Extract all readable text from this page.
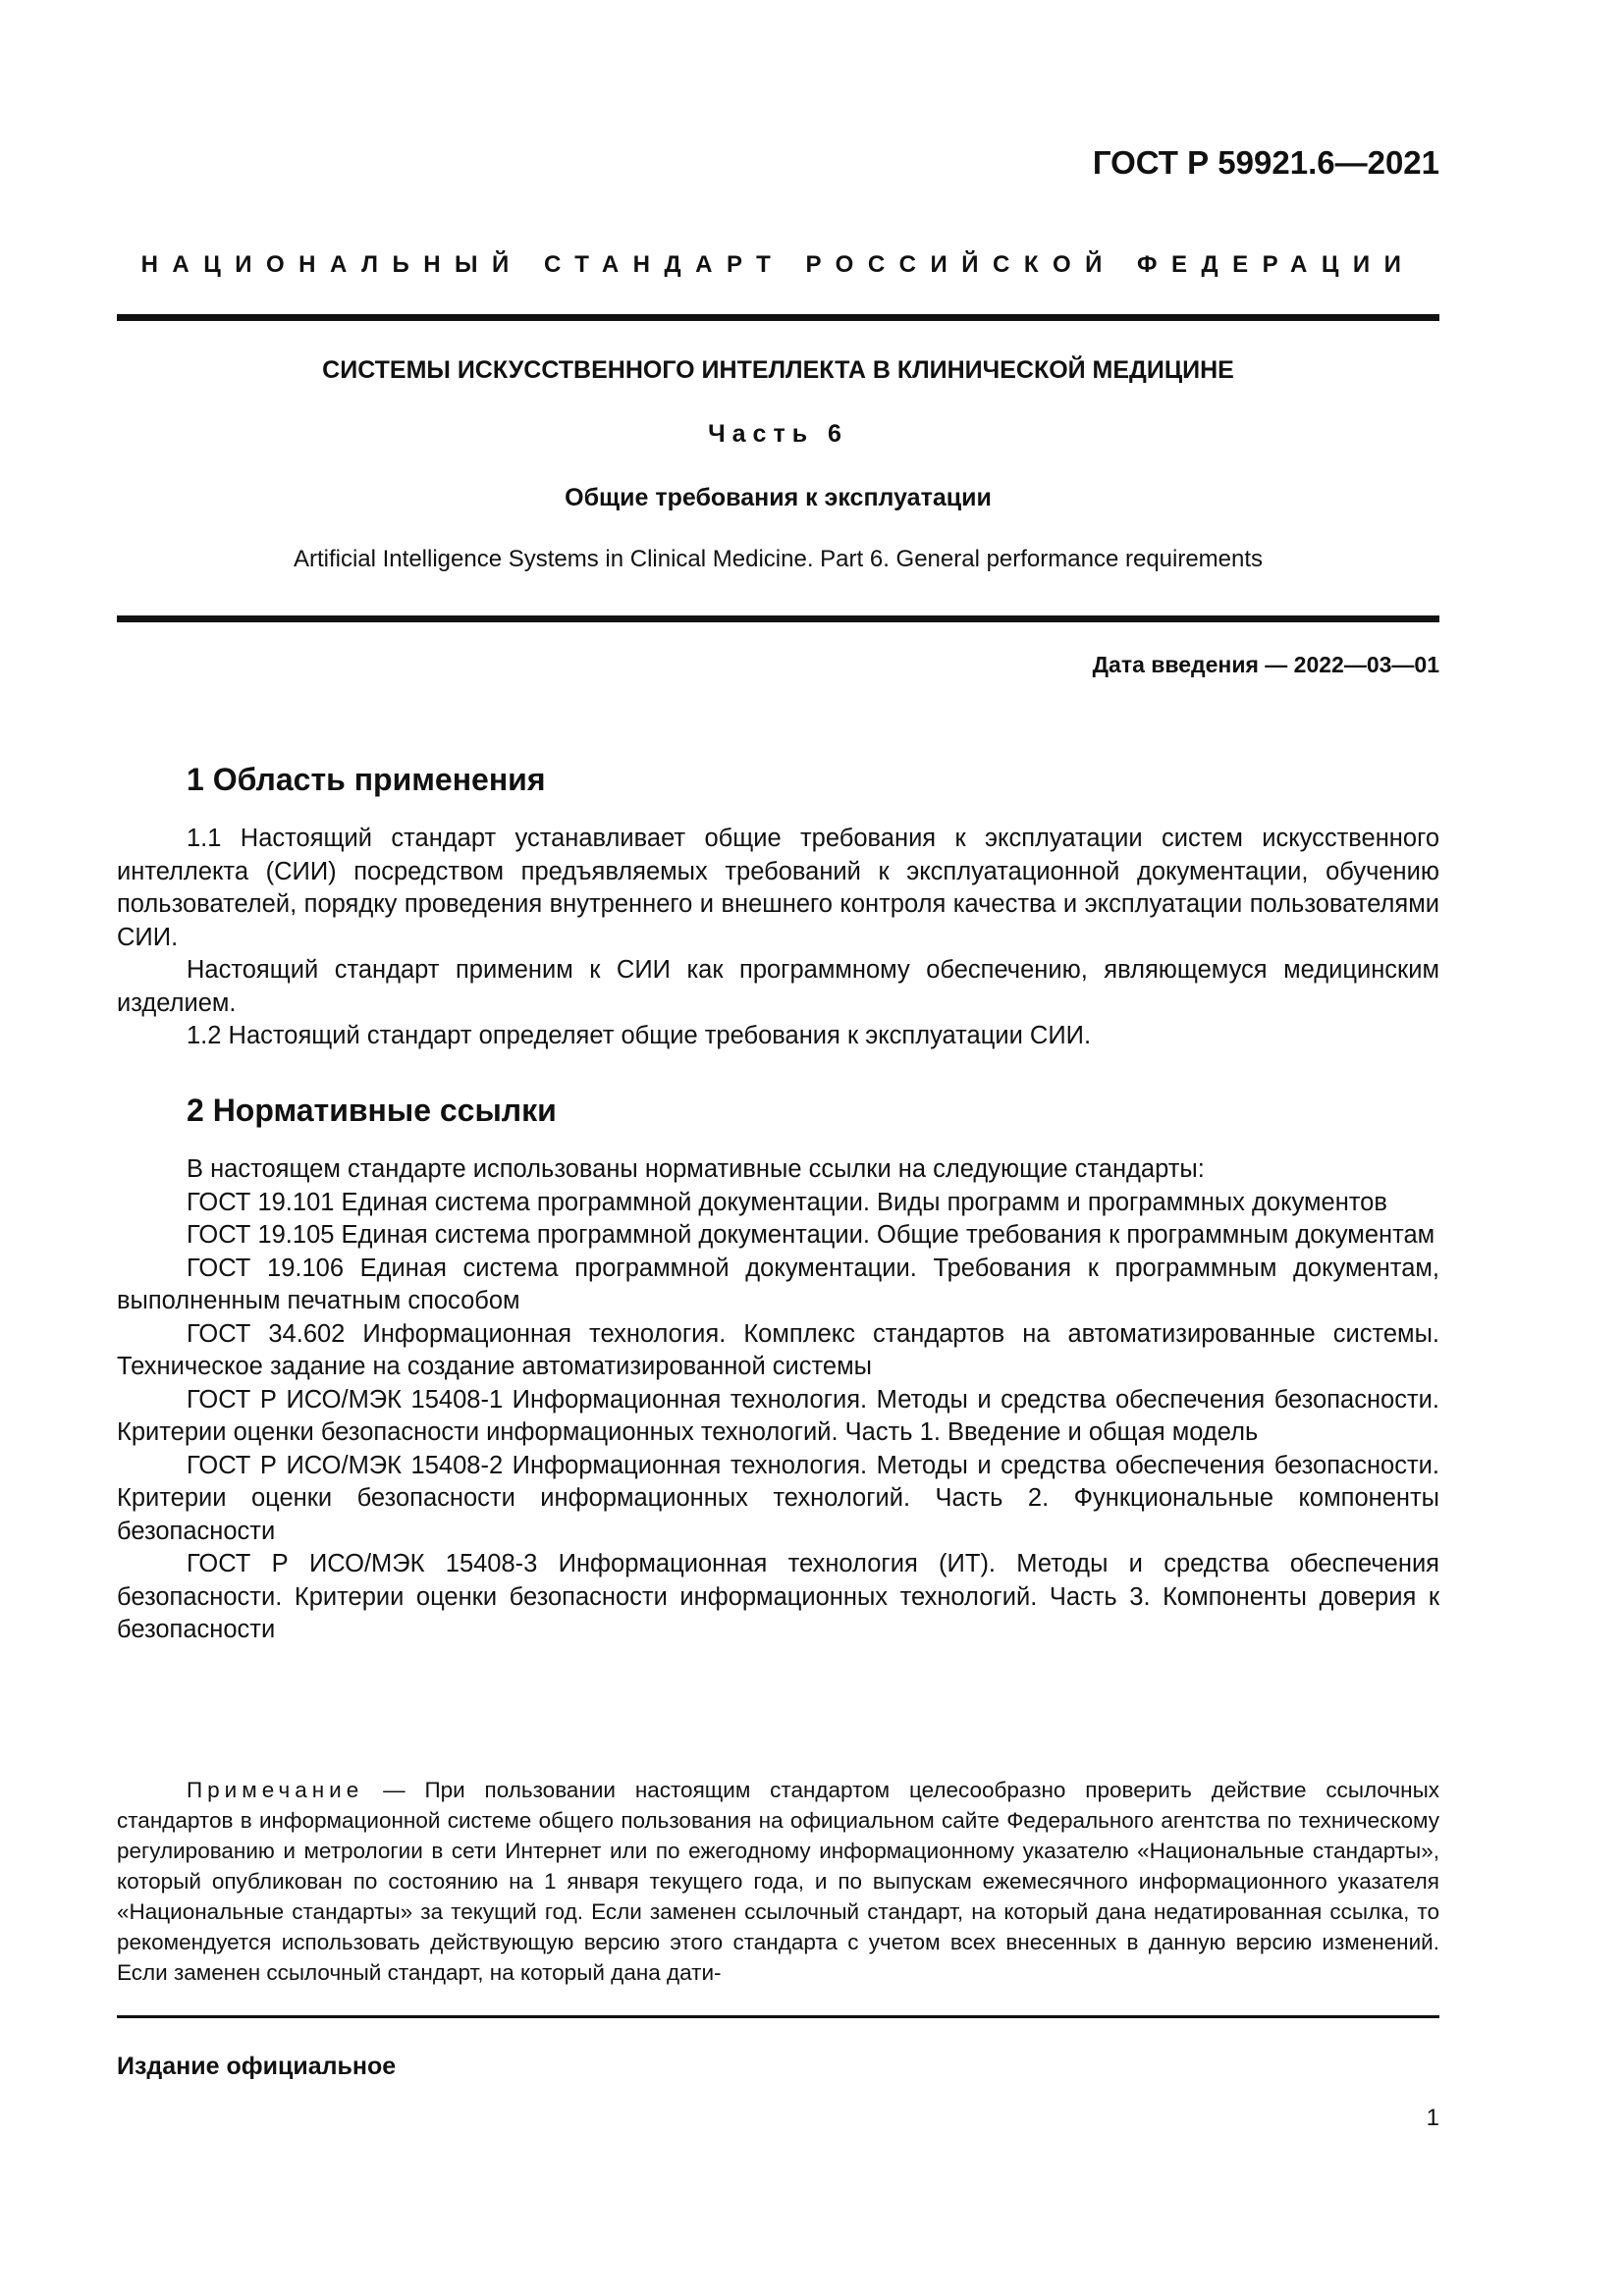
ГОСТ Р 59921.6—2021
НАЦИОНАЛЬНЫЙ СТАНДАРТ РОССИЙСКОЙ ФЕДЕРАЦИИ
СИСТЕМЫ ИСКУССТВЕННОГО ИНТЕЛЛЕКТА В КЛИНИЧЕСКОЙ МЕДИЦИНЕ
Часть 6
Общие требования к эксплуатации
Artificial Intelligence Systems in Clinical Medicine. Part 6. General performance requirements
Дата введения — 2022—03—01
1 Область применения

1.1 Настоящий стандарт устанавливает общие требования к эксплуатации систем искусственного интеллекта (СИИ) посредством предъявляемых требований к эксплуатационной документации, обучению пользователей, порядку проведения внутреннего и внешнего контроля качества и эксплуатации пользователями СИИ.

Настоящий стандарт применим к СИИ как программному обеспечению, являющемуся медицинским изделием.

1.2 Настоящий стандарт определяет общие требования к эксплуатации СИИ.

2 Нормативные ссылки

В настоящем стандарте использованы нормативные ссылки на следующие стандарты:

ГОСТ 19.101 Единая система программной документации. Виды программ и программных документов

ГОСТ 19.105 Единая система программной документации. Общие требования к программным документам

ГОСТ 19.106 Единая система программной документации. Требования к программным документам, выполненным печатным способом

ГОСТ 34.602 Информационная технология. Комплекс стандартов на автоматизированные системы. Техническое задание на создание автоматизированной системы

ГОСТ Р ИСО/МЭК 15408-1 Информационная технология. Методы и средства обеспечения безопасности. Критерии оценки безопасности информационных технологий. Часть 1. Введение и общая модель

ГОСТ Р ИСО/МЭК 15408-2 Информационная технология. Методы и средства обеспечения безопасности. Критерии оценки безопасности информационных технологий. Часть 2. Функциональные компоненты безопасности

ГОСТ Р ИСО/МЭК 15408-3 Информационная технология (ИТ). Методы и средства обеспечения безопасности. Критерии оценки безопасности информационных технологий. Часть 3. Компоненты доверия к безопасности

Примечание — При пользовании настоящим стандартом целесообразно проверить действие ссылочных стандартов в информационной системе общего пользования на официальном сайте Федерального агентства по техническому регулированию и метрологии в сети Интернет или по ежегодному информационному указателю «Национальные стандарты», который опубликован по состоянию на 1 января текущего года, и по выпускам ежемесячного информационного указателя «Национальные стандарты» за текущий год. Если заменен ссылочный стандарт, на который дана недатированная ссылка, то рекомендуется использовать действующую версию этого стандарта с учетом всех внесенных в данную версию изменений. Если заменен ссылочный стандарт, на который дана дати-

Издание официальное
1
